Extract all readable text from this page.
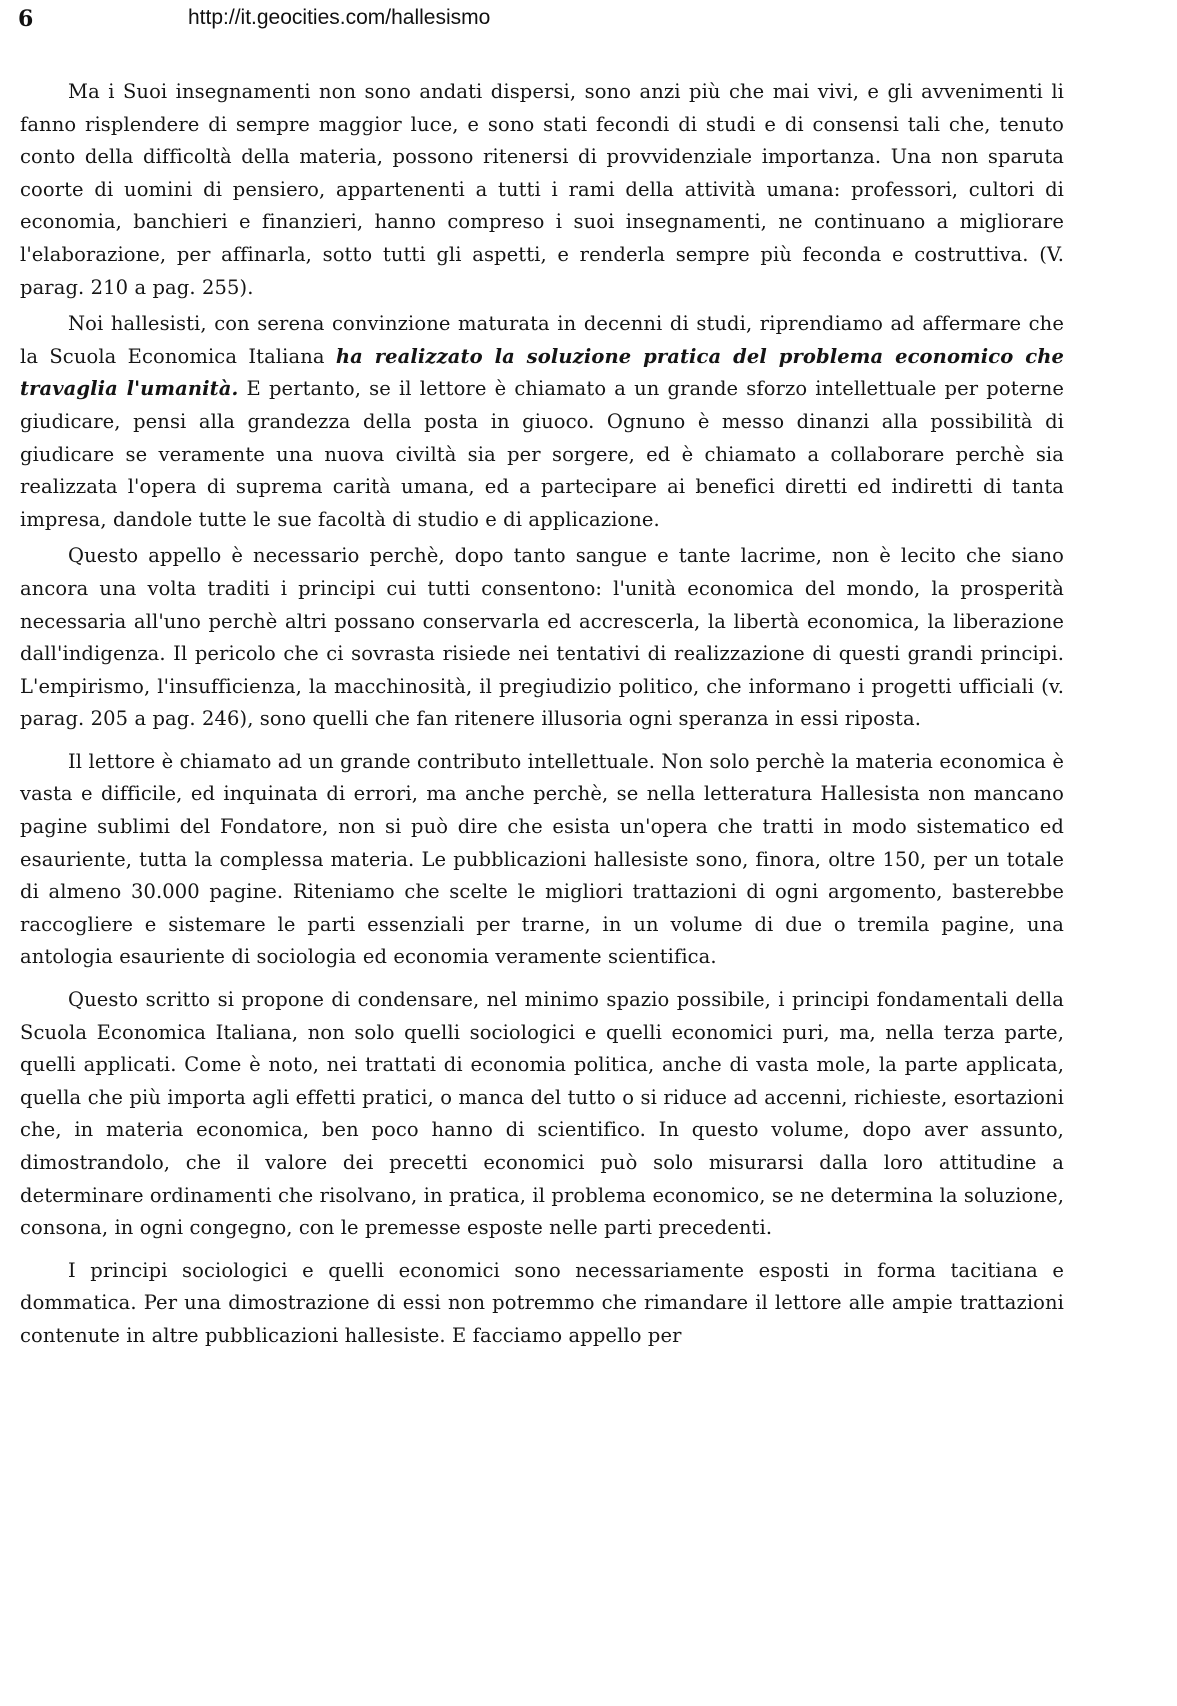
6	http://it.geocities.com/hallesismo

Ma i Suoi insegnamenti non sono andati dispersi, sono anzi più che mai vivi, e gli avvenimenti li fanno risplendere di sempre maggior luce, e sono stati fecondi di studi e di consensi tali che, tenuto conto della difficoltà della materia, possono ritenersi di provvidenziale importanza. Una non sparuta coorte di uomini di pensiero, appartenenti a tutti i rami della attività umana: professori, cultori di economia, banchieri e finanzieri, hanno compreso i suoi insegnamenti, ne continuano a migliorare l'elaborazione, per affinarla, sotto tutti gli aspetti, e renderla sempre più feconda e costruttiva. (V. parag. 210 a pag. 255).

Noi hallesisti, con serena convinzione maturata in decenni di studi, riprendiamo ad affermare che la Scuola Economica Italiana ha realizzato la soluzione pratica del problema economico che travaglia l'umanità. E pertanto, se il lettore è chiamato a un grande sforzo intellettuale per poterne giudicare, pensi alla grandezza della posta in giuoco. Ognuno è messo dinanzi alla possibilità di giudicare se veramente una nuova civiltà sia per sorgere, ed è chiamato a collaborare perchè sia realizzata l'opera di suprema carità umana, ed a partecipare ai benefici diretti ed indiretti di tanta impresa, dandole tutte le sue facoltà di studio e di applicazione.

Questo appello è necessario perchè, dopo tanto sangue e tante lacrime, non è lecito che siano ancora una volta traditi i principi cui tutti consentono: l'unità economica del mondo, la prosperità necessaria all'uno perchè altri possano conservarla ed accrescerla, la libertà economica, la liberazione dall'indigenza. Il pericolo che ci sovrasta risiede nei tentativi di realizzazione di questi grandi principi. L'empirismo, l'insufficienza, la macchinosità, il pregiudizio politico, che informano i progetti ufficiali (v. parag. 205 a pag. 246), sono quelli che fan ritenere illusoria ogni speranza in essi riposta.

Il lettore è chiamato ad un grande contributo intellettuale. Non solo perchè la materia economica è vasta e difficile, ed inquinata di errori, ma anche perchè, se nella letteratura Hallesista non mancano pagine sublimi del Fondatore, non si può dire che esista un'opera che tratti in modo sistematico ed esauriente, tutta la complessa materia. Le pubblicazioni hallesiste sono, finora, oltre 150, per un totale di almeno 30.000 pagine. Riteniamo che scelte le migliori trattazioni di ogni argomento, basterebbe raccogliere e sistemare le parti essenziali per trarne, in un volume di due o tremila pagine, una antologia esauriente di sociologia ed economia veramente scientifica.

Questo scritto si propone di condensare, nel minimo spazio possibile, i principi fondamentali della Scuola Economica Italiana, non solo quelli sociologici e quelli economici puri, ma, nella terza parte, quelli applicati. Come è noto, nei trattati di economia politica, anche di vasta mole, la parte applicata, quella che più importa agli effetti pratici, o manca del tutto o si riduce ad accenni, richieste, esortazioni che, in materia economica, ben poco hanno di scientifico. In questo volume, dopo aver assunto, dimostrandolo, che il valore dei precetti economici può solo misurarsi dalla loro attitudine a determinare ordinamenti che risolvano, in pratica, il problema economico, se ne determina la soluzione, consona, in ogni congegno, con le premesse esposte nelle parti precedenti.

I principi sociologici e quelli economici sono necessariamente esposti in forma tacitiana e dommatica. Per una dimostrazione di essi non potremmo che rimandare il lettore alle ampie trattazioni contenute in altre pubblicazioni hallesiste. E facciamo appello per
